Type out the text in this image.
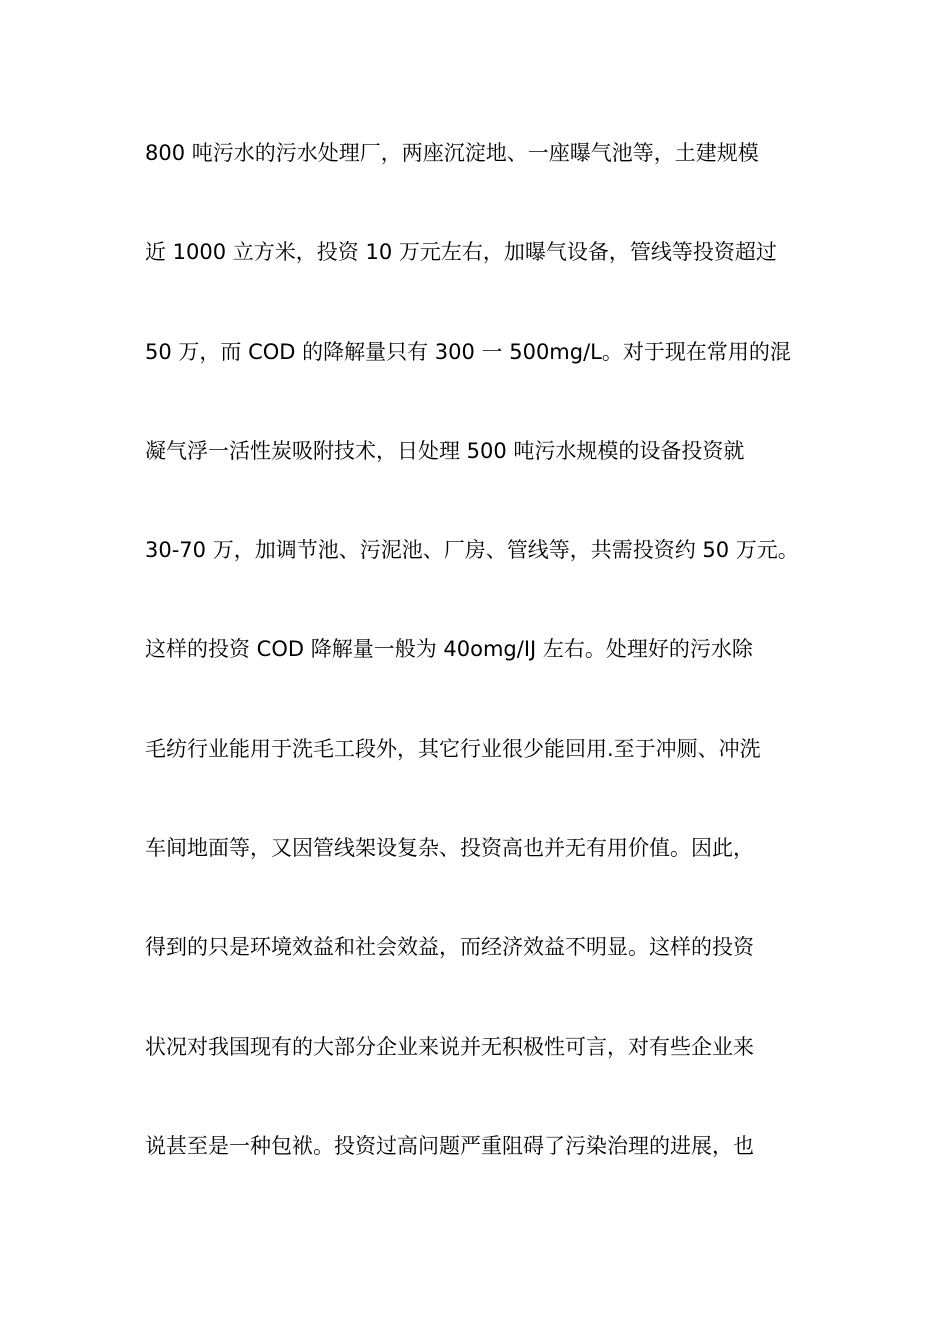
800 吨污水的污水处理厂，两座沉淀地、一座曝气池等，土建规模
近 1000 立方米，投资 10 万元左右，加曝气设备，管线等投资超过
50 万，而 COD 的降解量只有 300 一 500mg/L。对于现在常用的混
凝气浮一活性炭吸附技术，日处理 500 吨污水规模的设备投资就
30-70 万，加调节池、污泥池、厂房、管线等，共需投资约 50 万元。
这样的投资 COD 降解量一般为 40omg/IJ 左右。处理好的污水除
毛纺行业能用于洗毛工段外，其它行业很少能回用.至于冲厕、冲洗
车间地面等，又因管线架设复杂、投资高也并无有用价值。因此，
得到的只是环境效益和社会效益，而经济效益不明显。这样的投资
状况对我国现有的大部分企业来说并无积极性可言，对有些企业来
说甚至是一种包袱。投资过高问题严重阻碍了污染治理的进展，也
